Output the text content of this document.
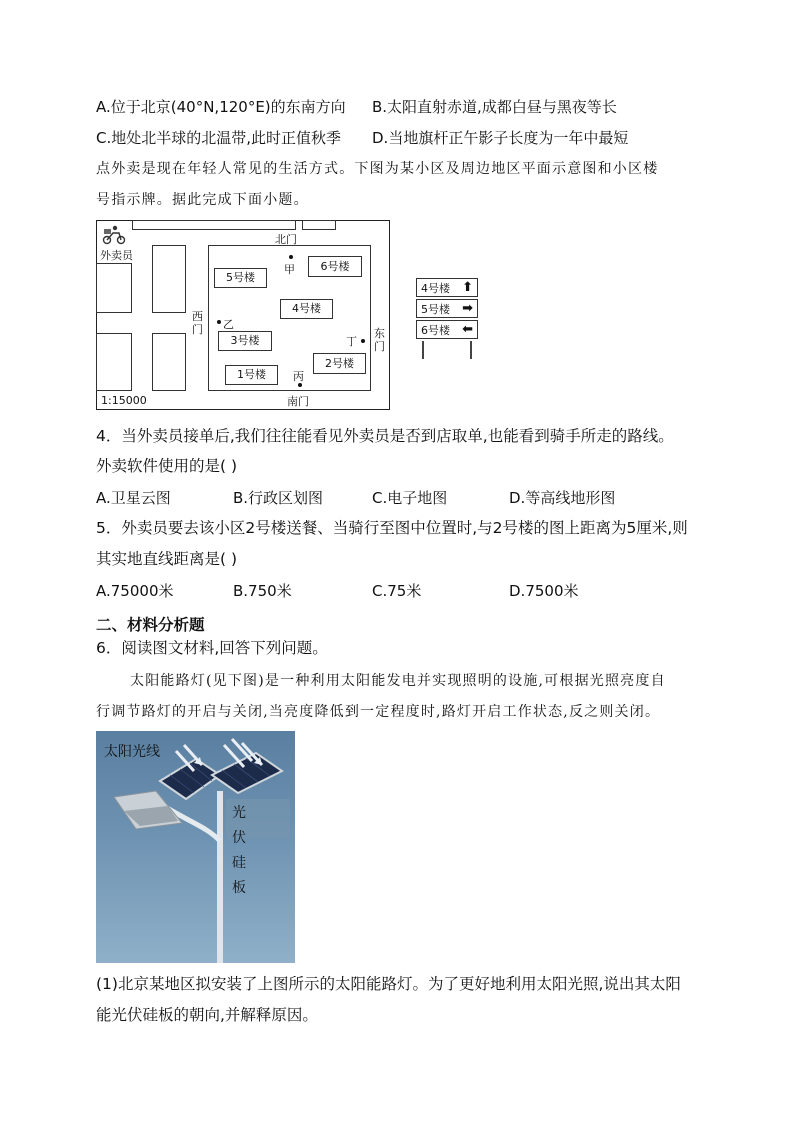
A.位于北京(40°N,120°E)的东南方向 B.太阳直射赤道,成都白昼与黑夜等长
C.地处北半球的北温带,此时正值秋季 D.当地旗杆正午影子长度为一年中最短
点外卖是现在年轻人常见的生活方式。下图为某小区及周边地区平面示意图和小区楼
号指示牌。据此完成下面小题。
外卖员
北门
甲
5号楼
6号楼
4号楼
3号楼
2号楼
1号楼
西门 乙
丁
东门
丙
南门
1:15000
4号楼 ⬆
5号楼 ➡
6号楼 ⬅
4．当外卖员接单后,我们往往能看见外卖员是否到店取单,也能看到骑手所走的路线。
外卖软件使用的是( )
A.卫星云图	B.行政区划图	C.电子地图	D.等高线地形图
5．外卖员要去该小区2号楼送餐、当骑行至图中位置时,与2号楼的图上距离为5厘米,则
其实地直线距离是( )
A.75000米	B.750米	C.75米	D.7500米
二、材料分析题
6．阅读图文材料,回答下列问题。
太阳能路灯(见下图)是一种利用太阳能发电并实现照明的设施,可根据光照亮度自
行调节路灯的开启与关闭,当亮度降低到一定程度时,路灯开启工作状态,反之则关闭。
太阳光线
光
伏
硅
板
(1)北京某地区拟安装了上图所示的太阳能路灯。为了更好地利用太阳光照,说出其太阳
能光伏硅板的朝向,并解释原因。
